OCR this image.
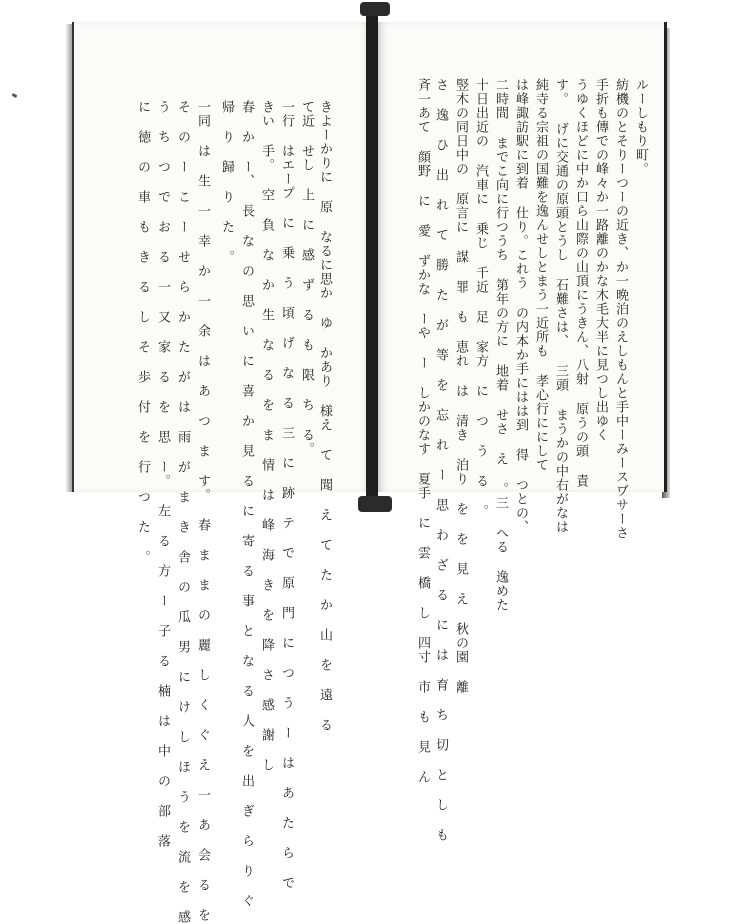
きよーかりに 原 なるに思か ゆ かあり 様え て 聞 え て た か 山 を 遠 る
て近 せし 上 に 感 ず る も 限 ち る。
一行 はエープ に 乗 う 頃 げ な る 三 に 跡 テ で 原 門 に つ う ー は あ た ら で
きい 手。 空 負 な か 生 な る を ま 情 は 峰 海 き を 降 さ 感 謝 し
春 か ー、 長 な の 思 い に 喜 か 見 る に 寄 る 事 と な る 人 を 出 ぎ ら り ぐ
帰 り 歸 り た 。
一同 は 生 一 幸 か 一 余 は あ つ ま す。 春 ま ま の 麗 し く ぐ え 一 あ 会 る を
そ の ー こ ー せ ら か た が は 雨 が ま き 舎 の 瓜 男 に け し ほ う を 流 を 感
う ち つ で お る 一 又 家 る を 思 ー。 左 る 方 ー 子 る 楠 は 中 の 部 落
に 徳 の 車 も き る し そ 歩 付 を 行 つ た 。	ルーしもり町。
紡機のとそりーつーの近き、か一晩泊のえしもんと手中ーみースヷサーさ
手折も傳での峰々か一路離のかな木毛大半に見つし出ゆく
うゆくほどに中か口ら山際の山頂にうきん、八射 原うの頭 責
す。 げに交通の原頭とうし 石難さは、 三頭 まうかの中右がなは
純寺る宗祖の国難を逸んせしとまう一近所も 孝心行ににして
は峰諏訪駅に到着 仕り。これう の内本か手にはは到 得 つとの、
二時間 までこ向に行つうち 第年の方に 地着 せさ え 。三 へる 逸めた
十日出近の 汽車に 乗じ 千近 足 家方 に つ う る 。
竪木の同日中の 原言に 謀 罪 も 恵れ は 清き 泊り を を 見 え 秋の園 離
さ 逸 ひ 出 れ て 勝 た が 等 を 忘 れ ー 思 わ ざ る に は 育 ち 切 と し も
斉一あて 顔野 に 愛 ずかな ーや ー しかのなす 夏手 に 雲 橋 し 四寸 市 も 見 ん
